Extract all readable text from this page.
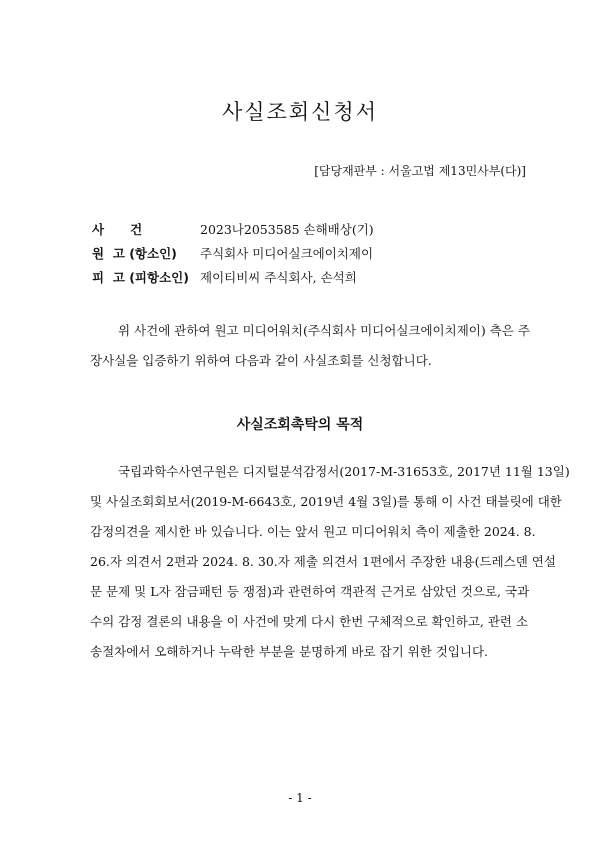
사실조회신청서
[담당재판부 : 서울고법 제13민사부(다)]
사      건	2023나2053585 손해배상(기)
원  고 (항소인) 주식회사 미디어실크에이치제이
피  고 (피항소인) 제이티비씨 주식회사, 손석희
위 사건에 관하여 원고 미디어워치(주식회사 미디어실크에이치제이) 측은 주
장사실을 입증하기 위하여 다음과 같이 사실조회를 신청합니다.
사실조회촉탁의 목적
국립과학수사연구원은 디지털분석감정서(2017-M-31653호, 2017년 11월 13일)
및 사실조회회보서(2019-M-6643호, 2019년 4월 3일)를 통해 이 사건 태블릿에 대한
감정의견을 제시한 바 있습니다. 이는 앞서 원고 미디어워치 측이 제출한 2024. 8.
26.자 의견서 2편과 2024. 8. 30.자 제출 의견서 1편에서 주장한 내용(드레스덴 연설
문 문제 및 L자 잠금패턴 등 쟁점)과 관련하여 객관적 근거로 삼았던 것으로, 국과
수의 감정 결론의 내용을 이 사건에 맞게 다시 한번 구체적으로 확인하고, 관련 소
송절차에서 오해하거나 누락한 부분을 분명하게 바로 잡기 위한 것입니다.
- 1 -
